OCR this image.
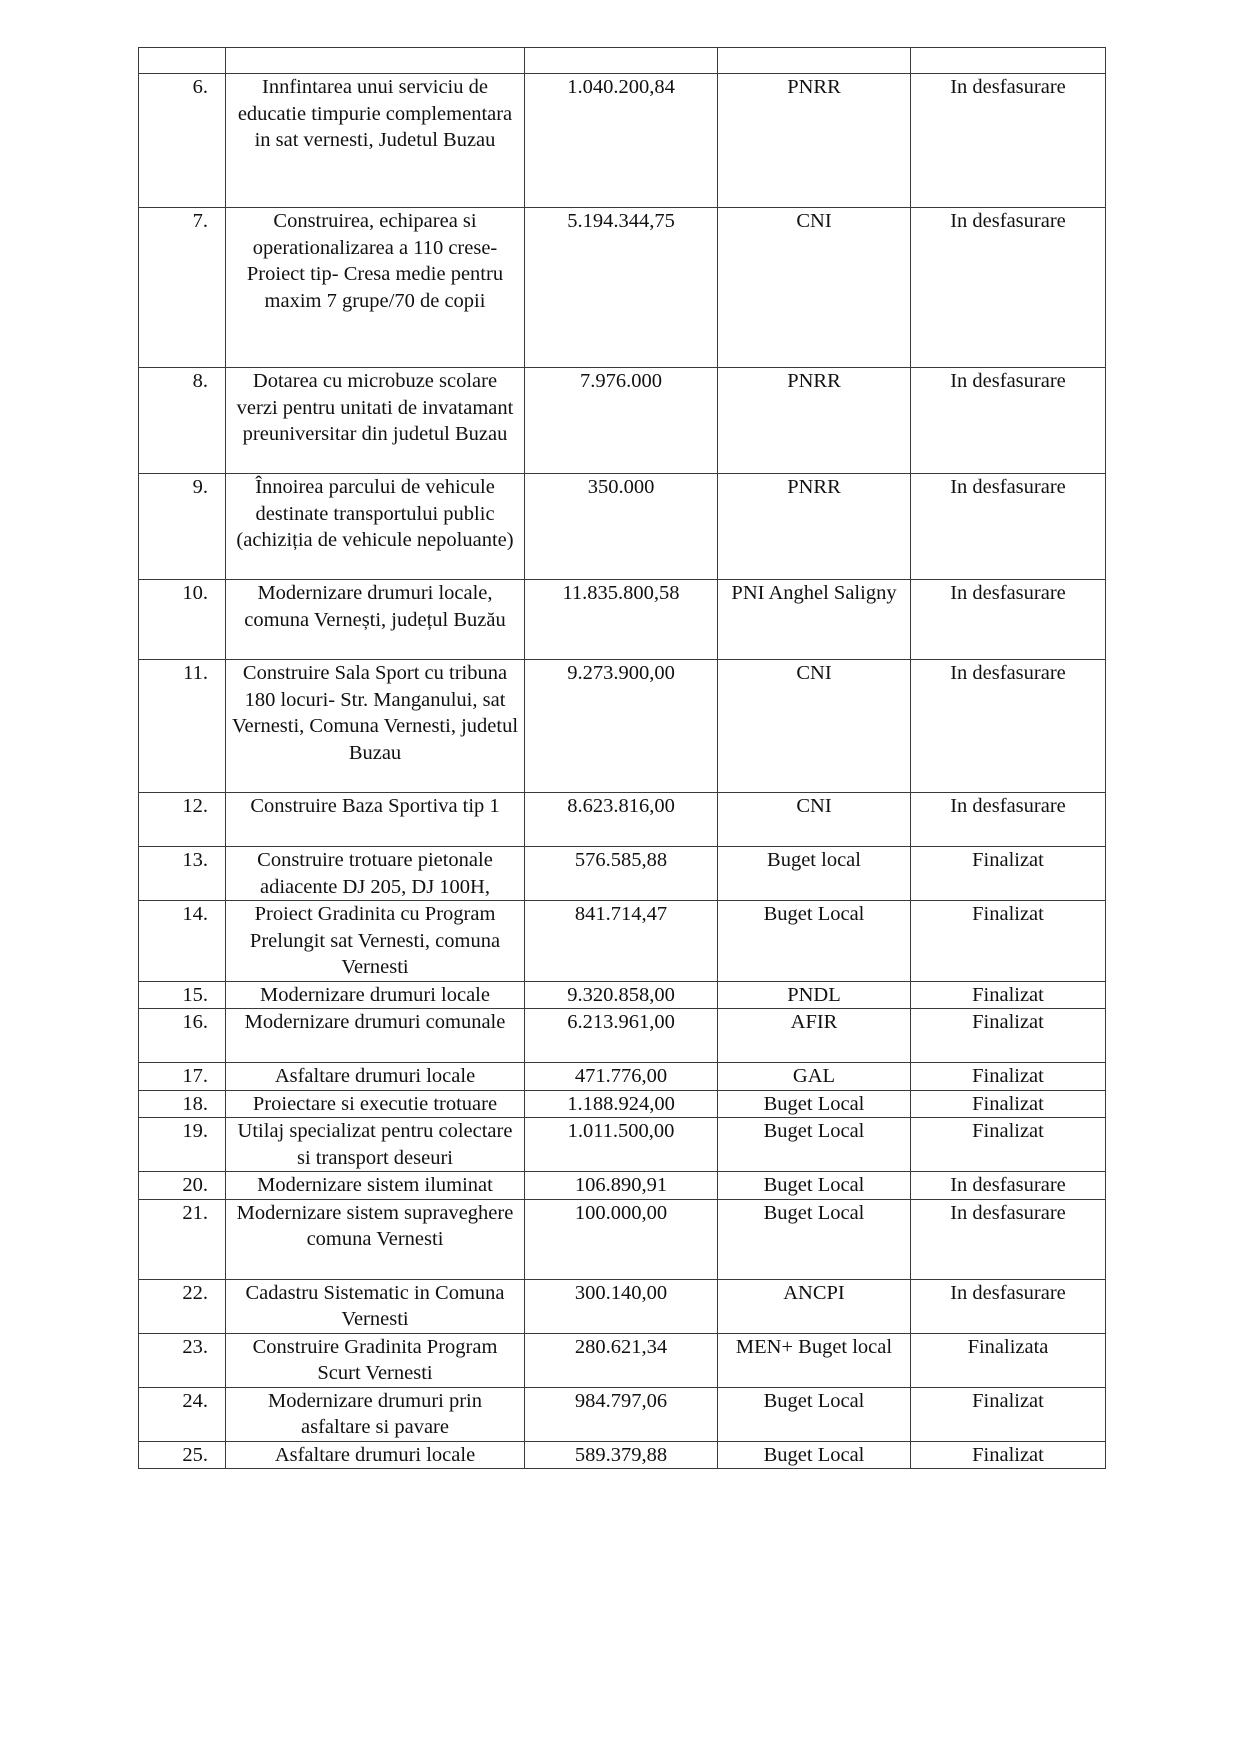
6.	Innfintarea unui serviciu de educatie timpurie complementara in sat vernesti, Judetul Buzau	1.040.200,84	PNRR	In desfasurare
7.	Construirea, echiparea si operationalizarea a 110 crese- Proiect tip- Cresa medie pentru maxim 7 grupe/70 de copii	5.194.344,75	CNI	In desfasurare
8.	Dotarea cu microbuze scolare verzi pentru unitati de invatamant preuniversitar din judetul Buzau	7.976.000	PNRR	In desfasurare
9.	Înnoirea parcului de vehicule destinate transportului public (achiziția de vehicule nepoluante)	350.000	PNRR	In desfasurare
10.	Modernizare drumuri locale, comuna Vernești, județul Buzău	11.835.800,58	PNI Anghel Saligny	In desfasurare
11.	Construire Sala Sport cu tribuna 180 locuri- Str. Manganului, sat Vernesti, Comuna Vernesti, judetul Buzau	9.273.900,00	CNI	In desfasurare
12.	Construire Baza Sportiva tip 1	8.623.816,00	CNI	In desfasurare
13.	Construire trotuare pietonale adiacente DJ 205, DJ 100H,	576.585,88	Buget local	Finalizat
14.	Proiect Gradinita cu Program Prelungit sat Vernesti, comuna Vernesti	841.714,47	Buget Local	Finalizat
15.	Modernizare drumuri locale	9.320.858,00	PNDL	Finalizat
16.	Modernizare drumuri comunale	6.213.961,00	AFIR	Finalizat
17.	Asfaltare drumuri locale	471.776,00	GAL	Finalizat
18.	Proiectare si executie trotuare	1.188.924,00	Buget Local	Finalizat
19.	Utilaj specializat pentru colectare si transport deseuri	1.011.500,00	Buget Local	Finalizat
20.	Modernizare sistem iluminat	106.890,91	Buget Local	In desfasurare
21.	Modernizare sistem supraveghere comuna Vernesti	100.000,00	Buget Local	In desfasurare
22.	Cadastru Sistematic in Comuna Vernesti	300.140,00	ANCPI	In desfasurare
23.	Construire Gradinita Program Scurt Vernesti	280.621,34	MEN+ Buget local	Finalizata
24.	Modernizare drumuri prin asfaltare si pavare	984.797,06	Buget Local	Finalizat
25.	Asfaltare drumuri locale	589.379,88	Buget Local	Finalizat
